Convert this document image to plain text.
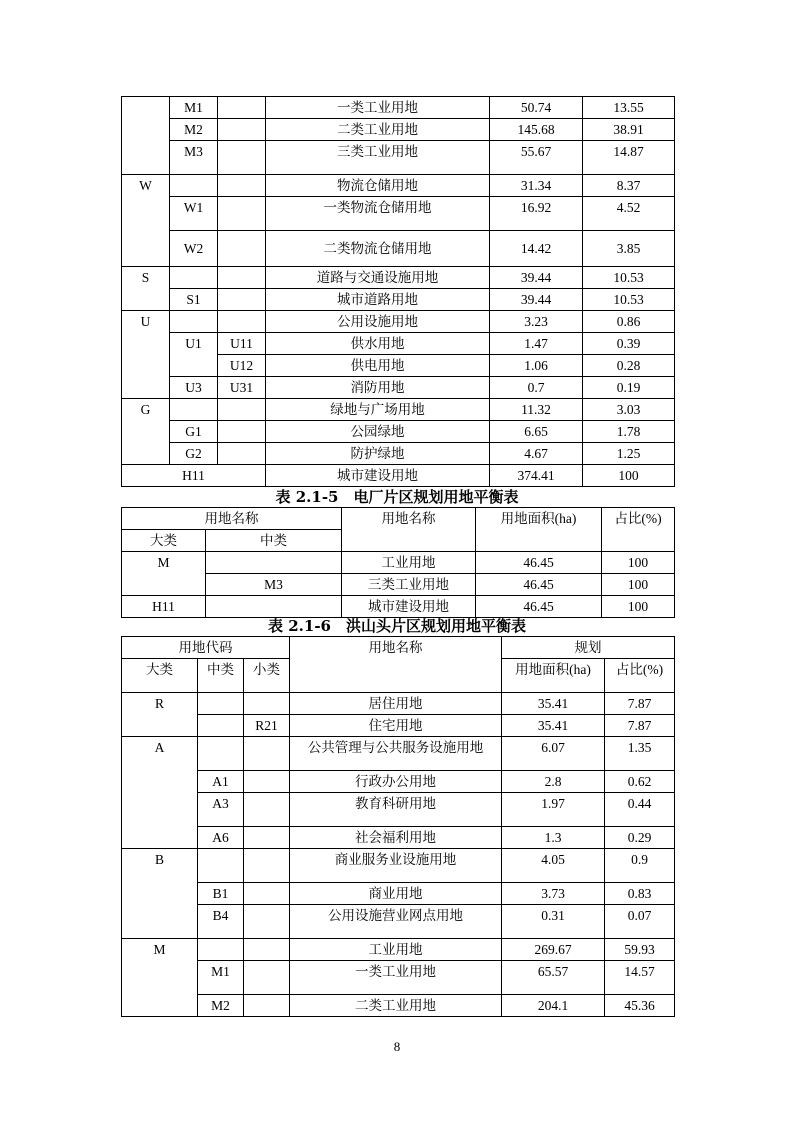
	M1		一类工业用地	50.74	13.55

	M2		二类工业用地	145.68	38.91

	M3		三类工业用地	55.67	14.87

W			物流仓储用地	31.34	8.37

	W1		一类物流仓储用地	16.92	4.52

	W2		二类物流仓储用地	14.42	3.85

S			道路与交通设施用地	39.44	10.53

	S1		城市道路用地	39.44	10.53

U			公用设施用地	3.23	0.86

	U1	U11	供水用地	1.47	0.39

		U12	供电用地	1.06	0.28

	U3	U31	消防用地	0.7	0.19

G			绿地与广场用地	11.32	3.03

	G1		公园绿地	6.65	1.78

	G2		防护绿地	4.67	1.25

H11			城市建设用地	374.41	100
表 2.1-5　电厂片区规划用地平衡表
用地名称		用地名称	用地面积(ha)	占比(%)

大类	中类			

M		工业用地	46.45	100

	M3	三类工业用地	46.45	100

H11		城市建设用地	46.45	100
表 2.1-6　洪山头片区规划用地平衡表
用地代码			用地名称	规划	

大类	中类	小类		用地面积(ha)	占比(%)

R			居住用地	35.41	7.87

		R21	住宅用地	35.41	7.87

A			公共管理与公共服务设施用地	6.07	1.35

	A1		行政办公用地	2.8	0.62

	A3		教育科研用地	1.97	0.44

	A6		社会福利用地	1.3	0.29

B			商业服务业设施用地	4.05	0.9

	B1		商业用地	3.73	0.83

	B4		公用设施营业网点用地	0.31	0.07

M			工业用地	269.67	59.93

	M1		一类工业用地	65.57	14.57

	M2		二类工业用地	204.1	45.36
8
